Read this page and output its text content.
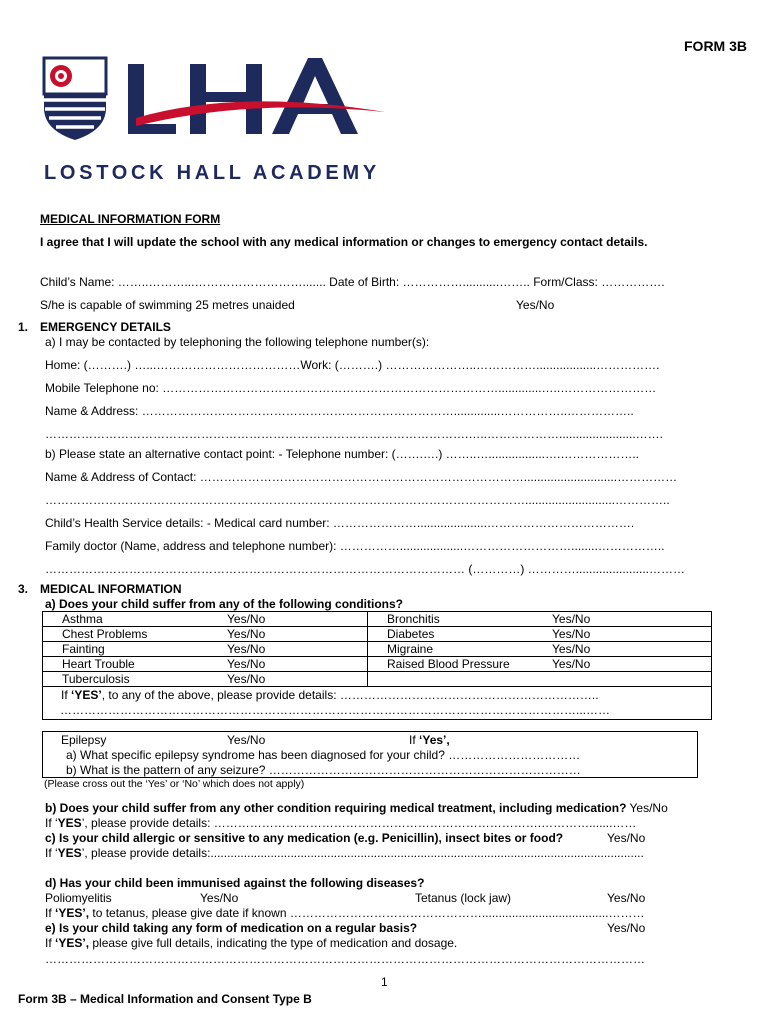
FORM 3B
LOSTOCK HALL ACADEMY
MEDICAL INFORMATION FORM
I agree that I will update the school with any medical information or changes to emergency contact details.
Child’s Name: ……..………...………………………....... Date of Birth: ……………...........…….. Form/Class: …………….
S/he is capable of swimming 25 metres unaided	Yes/No
1. EMERGENCY DETAILS
a) I may be contacted by telephoning the following telephone number(s):
Home: (……….) …...………………………………Work: (……….) …………………..……………..................…………….
Mobile Telephone no: ………………………………………………………………………….............…..……………………
Name & Address: ……………………………………………………………………..............……………..……………..
…………………………………………………………………………………………….…..……………….......................…….
b) Please state an alternative contact point: - Telephone number: (…….….) ……..….................….………………..
Name & Address of Contact: ………………………………………………………………………............................……………
…………………………………………………………………………………………………………...........................…………..
Child’s Health Service details: - Medical card number: ………………….....................……………………………….
Family doctor (Name, address and telephone number): ……………...................………………………........……………..
…………………………………………………………………………………………… (…………) …………......................………
3. MEDICAL INFORMATION
a) Does your child suffer from any of the following conditions?
Asthma Yes/No	Bronchitis Yes/No
Chest Problems Yes/No	Diabetes Yes/No
Fainting Yes/No	Migraine Yes/No
Heart Trouble Yes/No	Raised Blood Pressure Yes/No
Tuberculosis Yes/No	

If ‘YES’, to any of the above, please provide details: ………………………………………………………..
…………………………………………………………………………………………………………………...……	
Epilepsy	Yes/No	If ‘Yes’,
a) What specific epilepsy syndrome has been diagnosed for your child? ……………………………
b) What is the pattern of any seizure? ……………………………………………………………………
(Please cross out the ‘Yes’ or ‘No’ which does not apply)
b) Does your child suffer from any other condition requiring medical treatment, including medication? Yes/No
If ‘YES’, please provide details: ……………………………………………………………………….………….......……
c) Is your child allergic or sensitive to any medication (e.g. Penicillin), insect bites or food?	Yes/No
If ‘YES’, please provide details:..................................................................................................................................
d) Has your child been immunised against the following diseases?
Poliomyelitis	Yes/No	Tetanus (lock jaw)	Yes/No
If ‘YES’, to tetanus, please give date if known …………………………………………......................................………
e) Is your child taking any form of medication on a regular basis?	Yes/No
If ‘YES’, please give full details, indicating the type of medication and dosage.
……………………………………………………………………………………………………………………………………
1
Form 3B – Medical Information and Consent Type B
